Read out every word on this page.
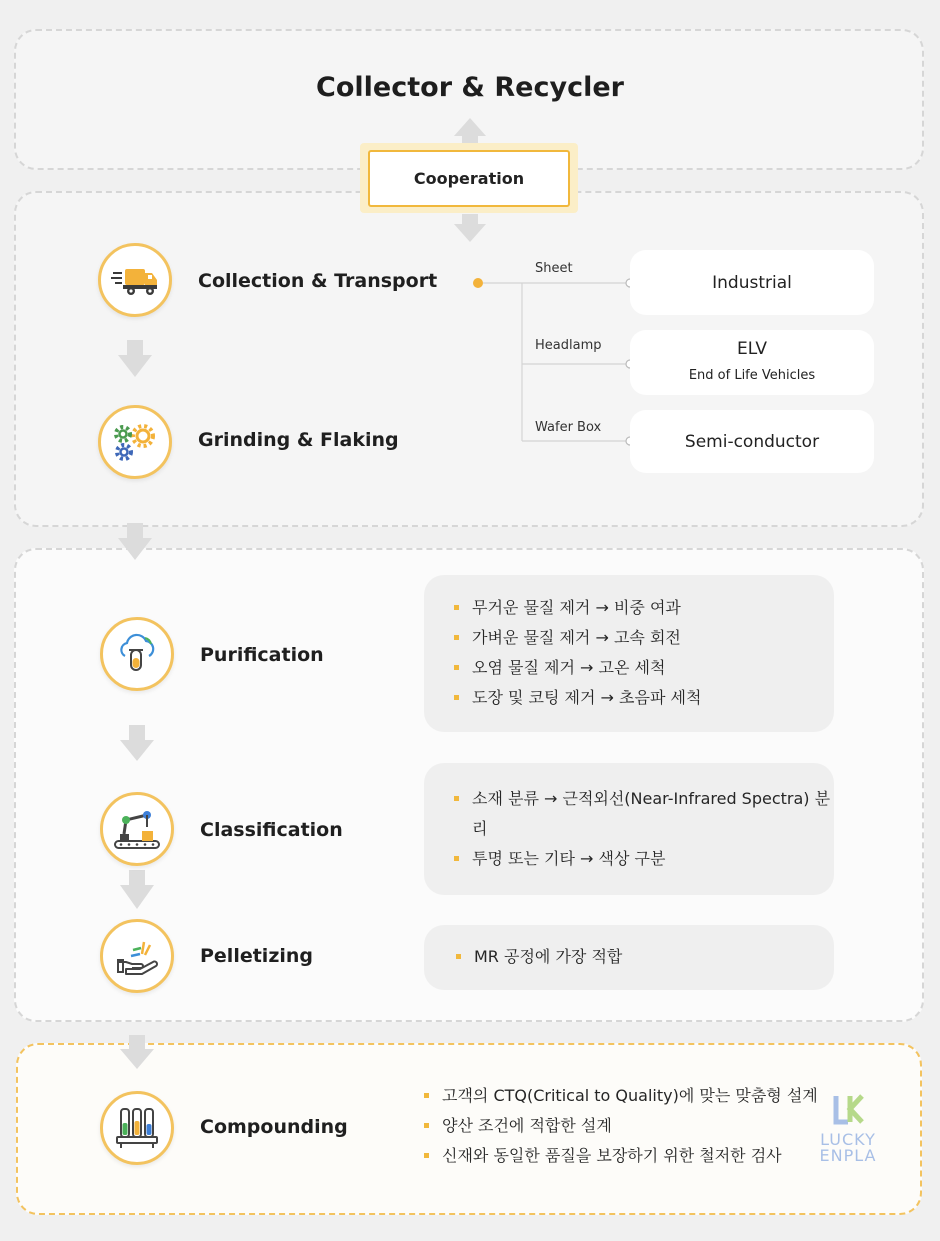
Collector & Recycler
Cooperation
Collection & Transport
Grinding & Flaking
Sheet
Headlamp
Wafer Box
Industrial
ELV
End of Life Vehicles
Semi-conductor
Purification
무거운 물질 제거 → 비중 여과
가벼운 물질 제거 → 고속 회전
오염 물질 제거 → 고온 세척
도장 및 코팅 제거 → 초음파 세척
Classification
소재 분류 → 근적외선(Near-Infrared Spectra) 분리
투명 또는 기타 → 색상 구분
Pelletizing	MR 공정에 가장 적합
Compounding
고객의 CTQ(Critical to Quality)에 맞는 맞춤형 설계
양산 조건에 적합한 설계
신재와 동일한 품질을 보장하기 위한 철저한 검사
LUCKY
ENPLA
